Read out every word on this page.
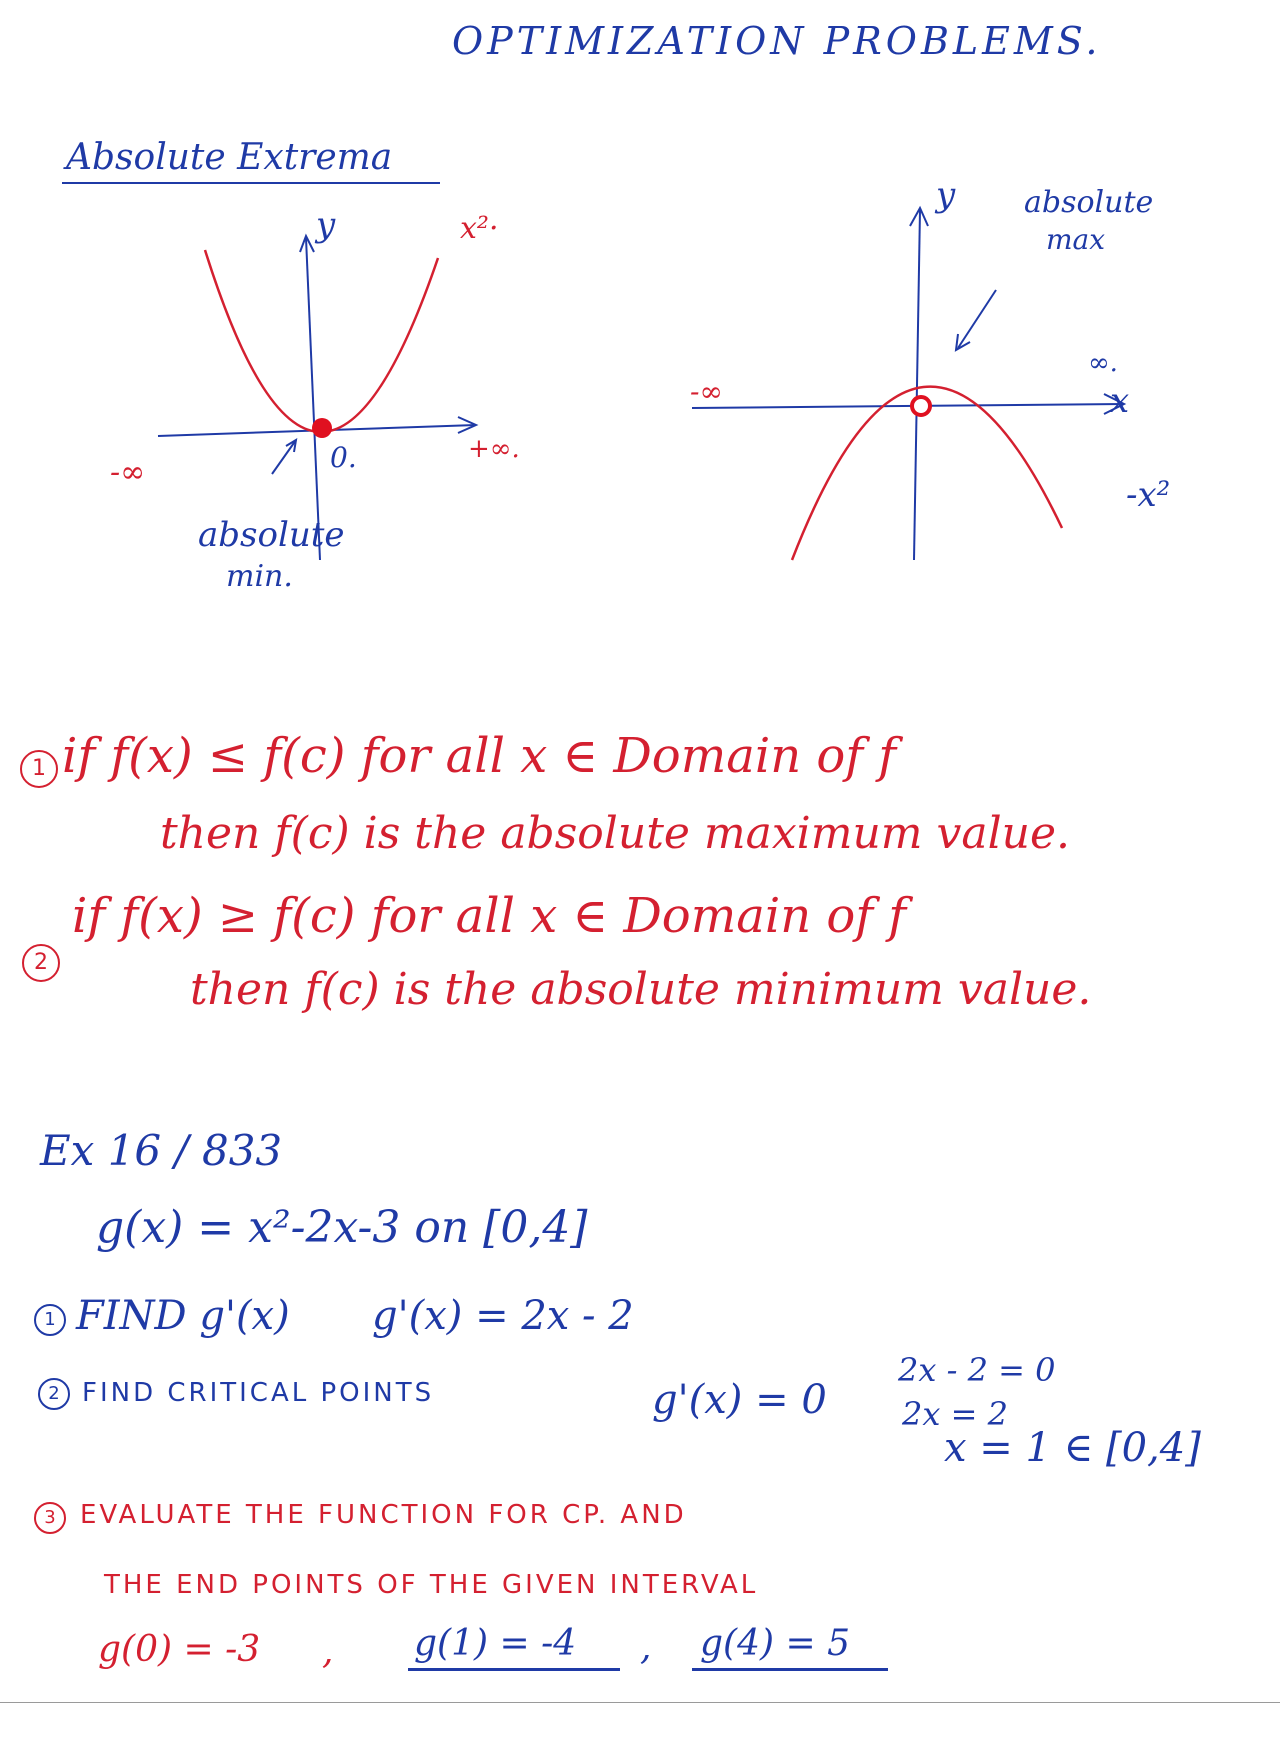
OPTIMIZATION PROBLEMS.
Absolute Extrema
y	x²·
-∞
+∞.
0.
absolute
min.
y absolute
max
-∞
∞.
x
-x²
1 if f(x) ≤ f(c) for all x ∈ Domain of f
then f(c) is the absolute maximum value.
2
if f(x) ≥ f(c) for all x ∈ Domain of f
then f(c) is the absolute minimum value.
Ex 16 / 833
g(x) = x²-2x-3 on [0,4]
1 FIND g'(x) g'(x) = 2x - 2
2 FIND CRITICAL POINTS	g'(x) = 0
2x - 2 = 0
2x = 2
x = 1 ∈ [0,4]
3 EVALUATE THE FUNCTION FOR CP. AND
THE END POINTS OF THE GIVEN INTERVAL
g(0) = -3 , g(1) = -4 , g(4) = 5
